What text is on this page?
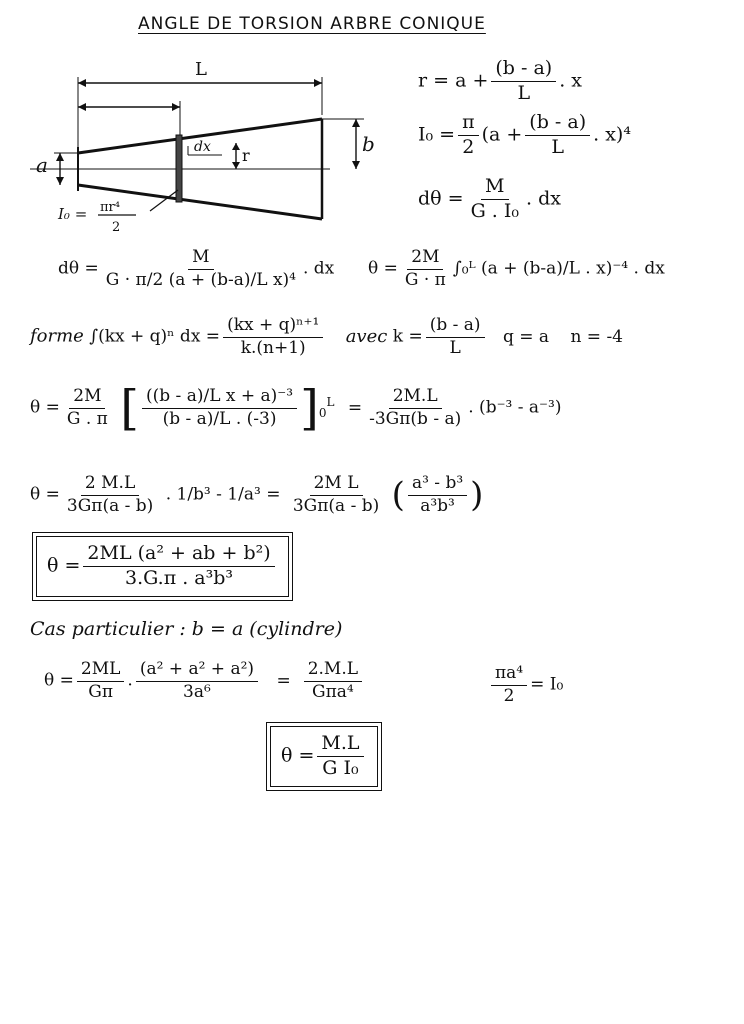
ANGLE DE TORSION ARBRE CONIQUE
L
a
b
r
dx
I₀ = πr⁴
2
$r = a + \frac{(b - a)}{L}$ . x
$I_0 = \frac{\pi}{2} (a + \frac{(b - a)}{L}$ . x)⁴
$d\theta = \frac{M}{\text{G . I₀}}$ . dx
$d\theta = \frac{M}{\text{G · π/2 (a + (b-a)/L x)⁴}}$ . dx $\theta = \frac{2M}{G \cdot \pi}$ ∫₀ᴸ (a + (b-a)/L . x)⁻⁴ . dx
forme ∫(kx + q)ⁿ dx = $\frac{\text{(kx + q)ⁿ⁺¹}}{k.(n+1)}$ avec $k = \frac{(b - a)}{L}$ q = a n = -4
$\theta = \frac{2M}{G . \pi}$ [ $\frac{\text{((b - a)/L x + a)⁻³}}{(b - a)/L . (-3)} ]_0^L = \frac{2M.L}{-3G\pi(b - a)}$ . (b⁻³ - a⁻³)
$\theta = \frac{2 M.L}{3G\pi(a - b)}$ . $1/b^3 - 1/a^3 = \frac{\text{2M L}}{3G\pi(a - b)}$ ( $\frac{\text{a³ - b³}}{\text{a³b³}}$ )
$\theta = \frac{\text{2ML (a² + ab + b²)}}{\text{3.G.π . a³b³}}$
Cas particulier : b = a (cylindre)
$\theta = \frac{2ML}{G\pi}$ . $\frac{\text{(a² + a² + a²)}}{\text{3a⁶}} = \frac{2.M.L}{\text{Gπa⁴}}$	$\frac{\text{πa⁴}}{2} = I_0$
$\theta = \frac{M.L}{\text{G I₀}}$
